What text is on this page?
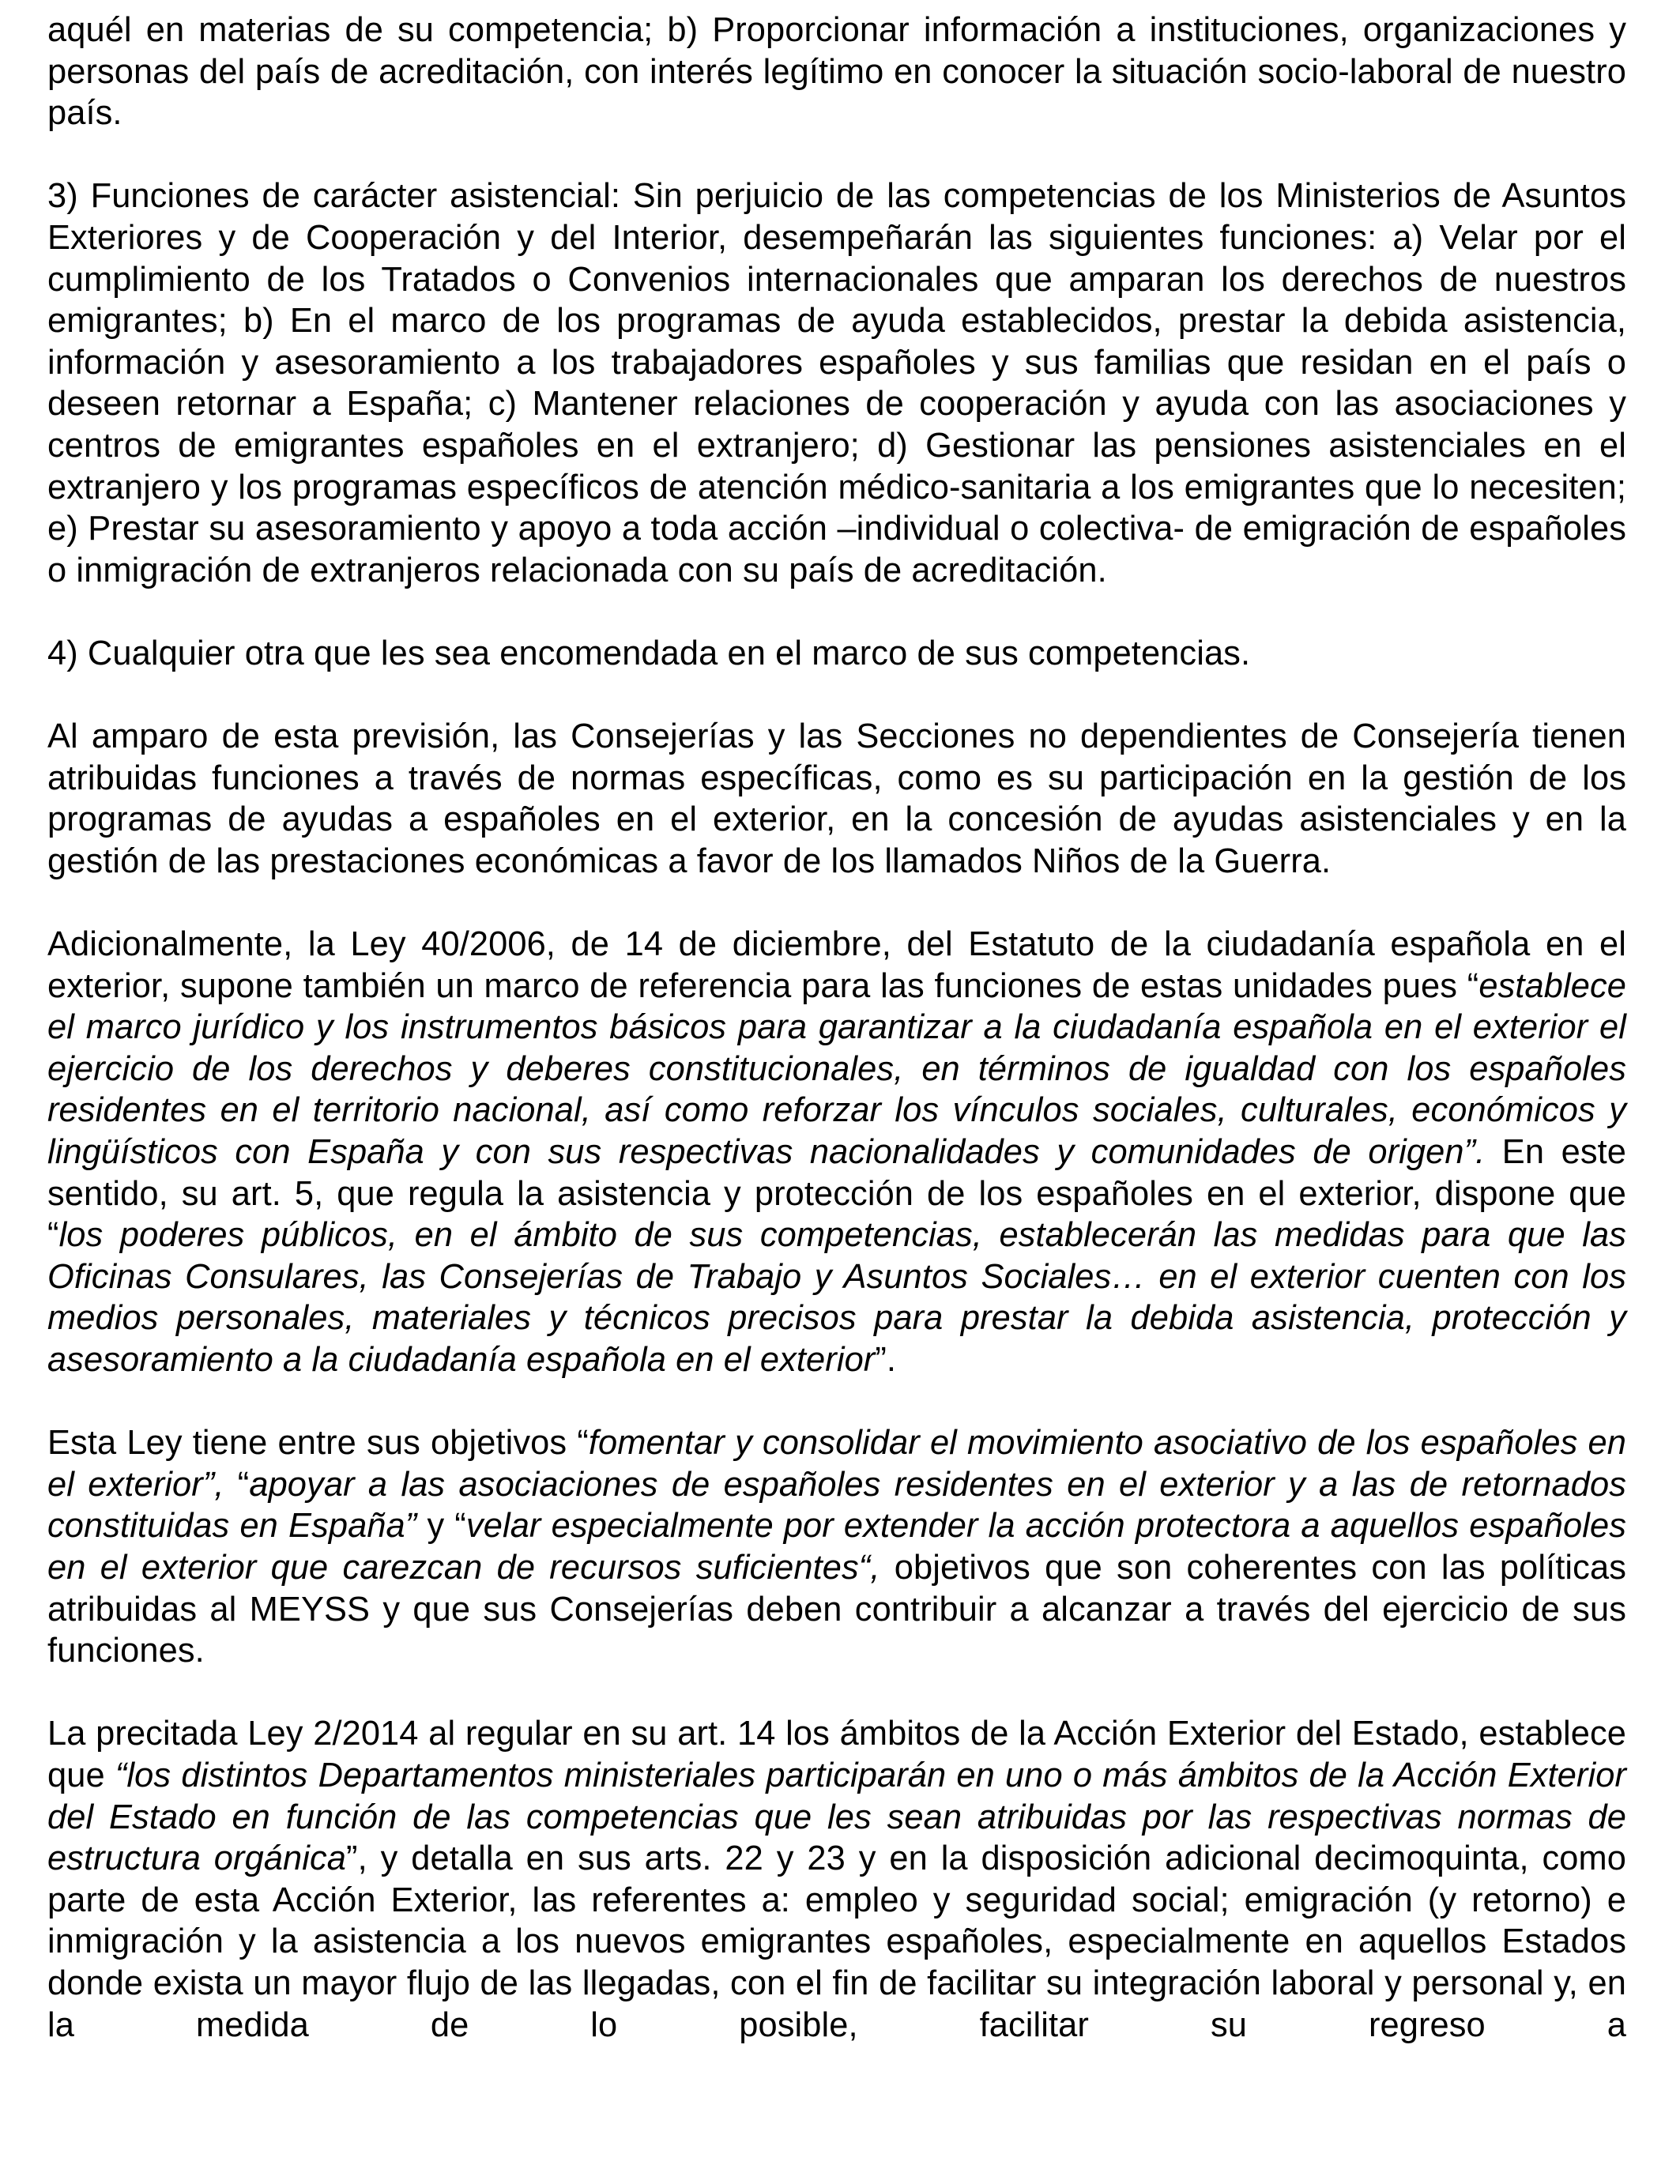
aquél en materias de su competencia; b) Proporcionar información a instituciones, organizaciones y personas del país de acreditación, con interés legítimo en conocer la situación socio-laboral de nuestro país.

3) Funciones de carácter asistencial: Sin perjuicio de las competencias de los Ministerios de Asuntos Exteriores y de Cooperación y del Interior, desempeñarán las siguientes funciones: a) Velar por el cumplimiento de los Tratados o Convenios internacionales que amparan los derechos de nuestros emigrantes; b) En el marco de los programas de ayuda establecidos, prestar la debida asistencia, información y asesoramiento a los trabajadores españoles y sus familias que residan en el país o deseen retornar a España; c) Mantener relaciones de cooperación y ayuda con las asociaciones y centros de emigrantes españoles en el extranjero; d) Gestionar las pensiones asistenciales en el extranjero y los programas específicos de atención médico-sanitaria a los emigrantes que lo necesiten; e) Prestar su asesoramiento y apoyo a toda acción –individual o colectiva- de emigración de españoles o inmigración de extranjeros relacionada con su país de acreditación.

4) Cualquier otra que les sea encomendada en el marco de sus competencias.

Al amparo de esta previsión, las Consejerías y las Secciones no dependientes de Consejería tienen atribuidas funciones a través de normas específicas, como es su participación en la gestión de los programas de ayudas a españoles en el exterior, en la concesión de ayudas asistenciales y en la gestión de las prestaciones económicas a favor de los llamados Niños de la Guerra.

Adicionalmente, la Ley 40/2006, de 14 de diciembre, del Estatuto de la ciudadanía española en el exterior, supone también un marco de referencia para las funciones de estas unidades pues “establece el marco jurídico y los instrumentos básicos para garantizar a la ciudadanía española en el exterior el ejercicio de los derechos y deberes constitucionales, en términos de igualdad con los españoles residentes en el territorio nacional, así como reforzar los vínculos sociales, culturales, económicos y lingüísticos con España y con sus respectivas nacionalidades y comunidades de origen”. En este sentido, su art. 5, que regula la asistencia y protección de los españoles en el exterior, dispone que “los poderes públicos, en el ámbito de sus competencias, establecerán las medidas para que las Oficinas Consulares, las Consejerías de Trabajo y Asuntos Sociales… en el exterior cuenten con los medios personales, materiales y técnicos precisos para prestar la debida asistencia, protección y asesoramiento a la ciudadanía española en el exterior”.

Esta Ley tiene entre sus objetivos “fomentar y consolidar el movimiento asociativo de los españoles en el exterior”, “apoyar a las asociaciones de españoles residentes en el exterior y a las de retornados constituidas en España” y “velar especialmente por extender la acción protectora a aquellos españoles en el exterior que carezcan de recursos suficientes“, objetivos que son coherentes con las políticas atribuidas al MEYSS y que sus Consejerías deben contribuir a alcanzar a través del ejercicio de sus funciones.

La precitada Ley 2/2014 al regular en su art. 14 los ámbitos de la Acción Exterior del Estado, establece que “los distintos Departamentos ministeriales participarán en uno o más ámbitos de la Acción Exterior del Estado en función de las competencias que les sean atribuidas por las respectivas normas de estructura orgánica”, y detalla en sus arts. 22 y 23 y en la disposición adicional decimoquinta, como parte de esta Acción Exterior, las referentes a: empleo y seguridad social; emigración (y retorno) e inmigración y la asistencia a los nuevos emigrantes españoles, especialmente en aquellos Estados donde exista un mayor flujo de las llegadas, con el fin de facilitar su integración laboral y personal y, en la medida de lo posible, facilitar su regreso a
